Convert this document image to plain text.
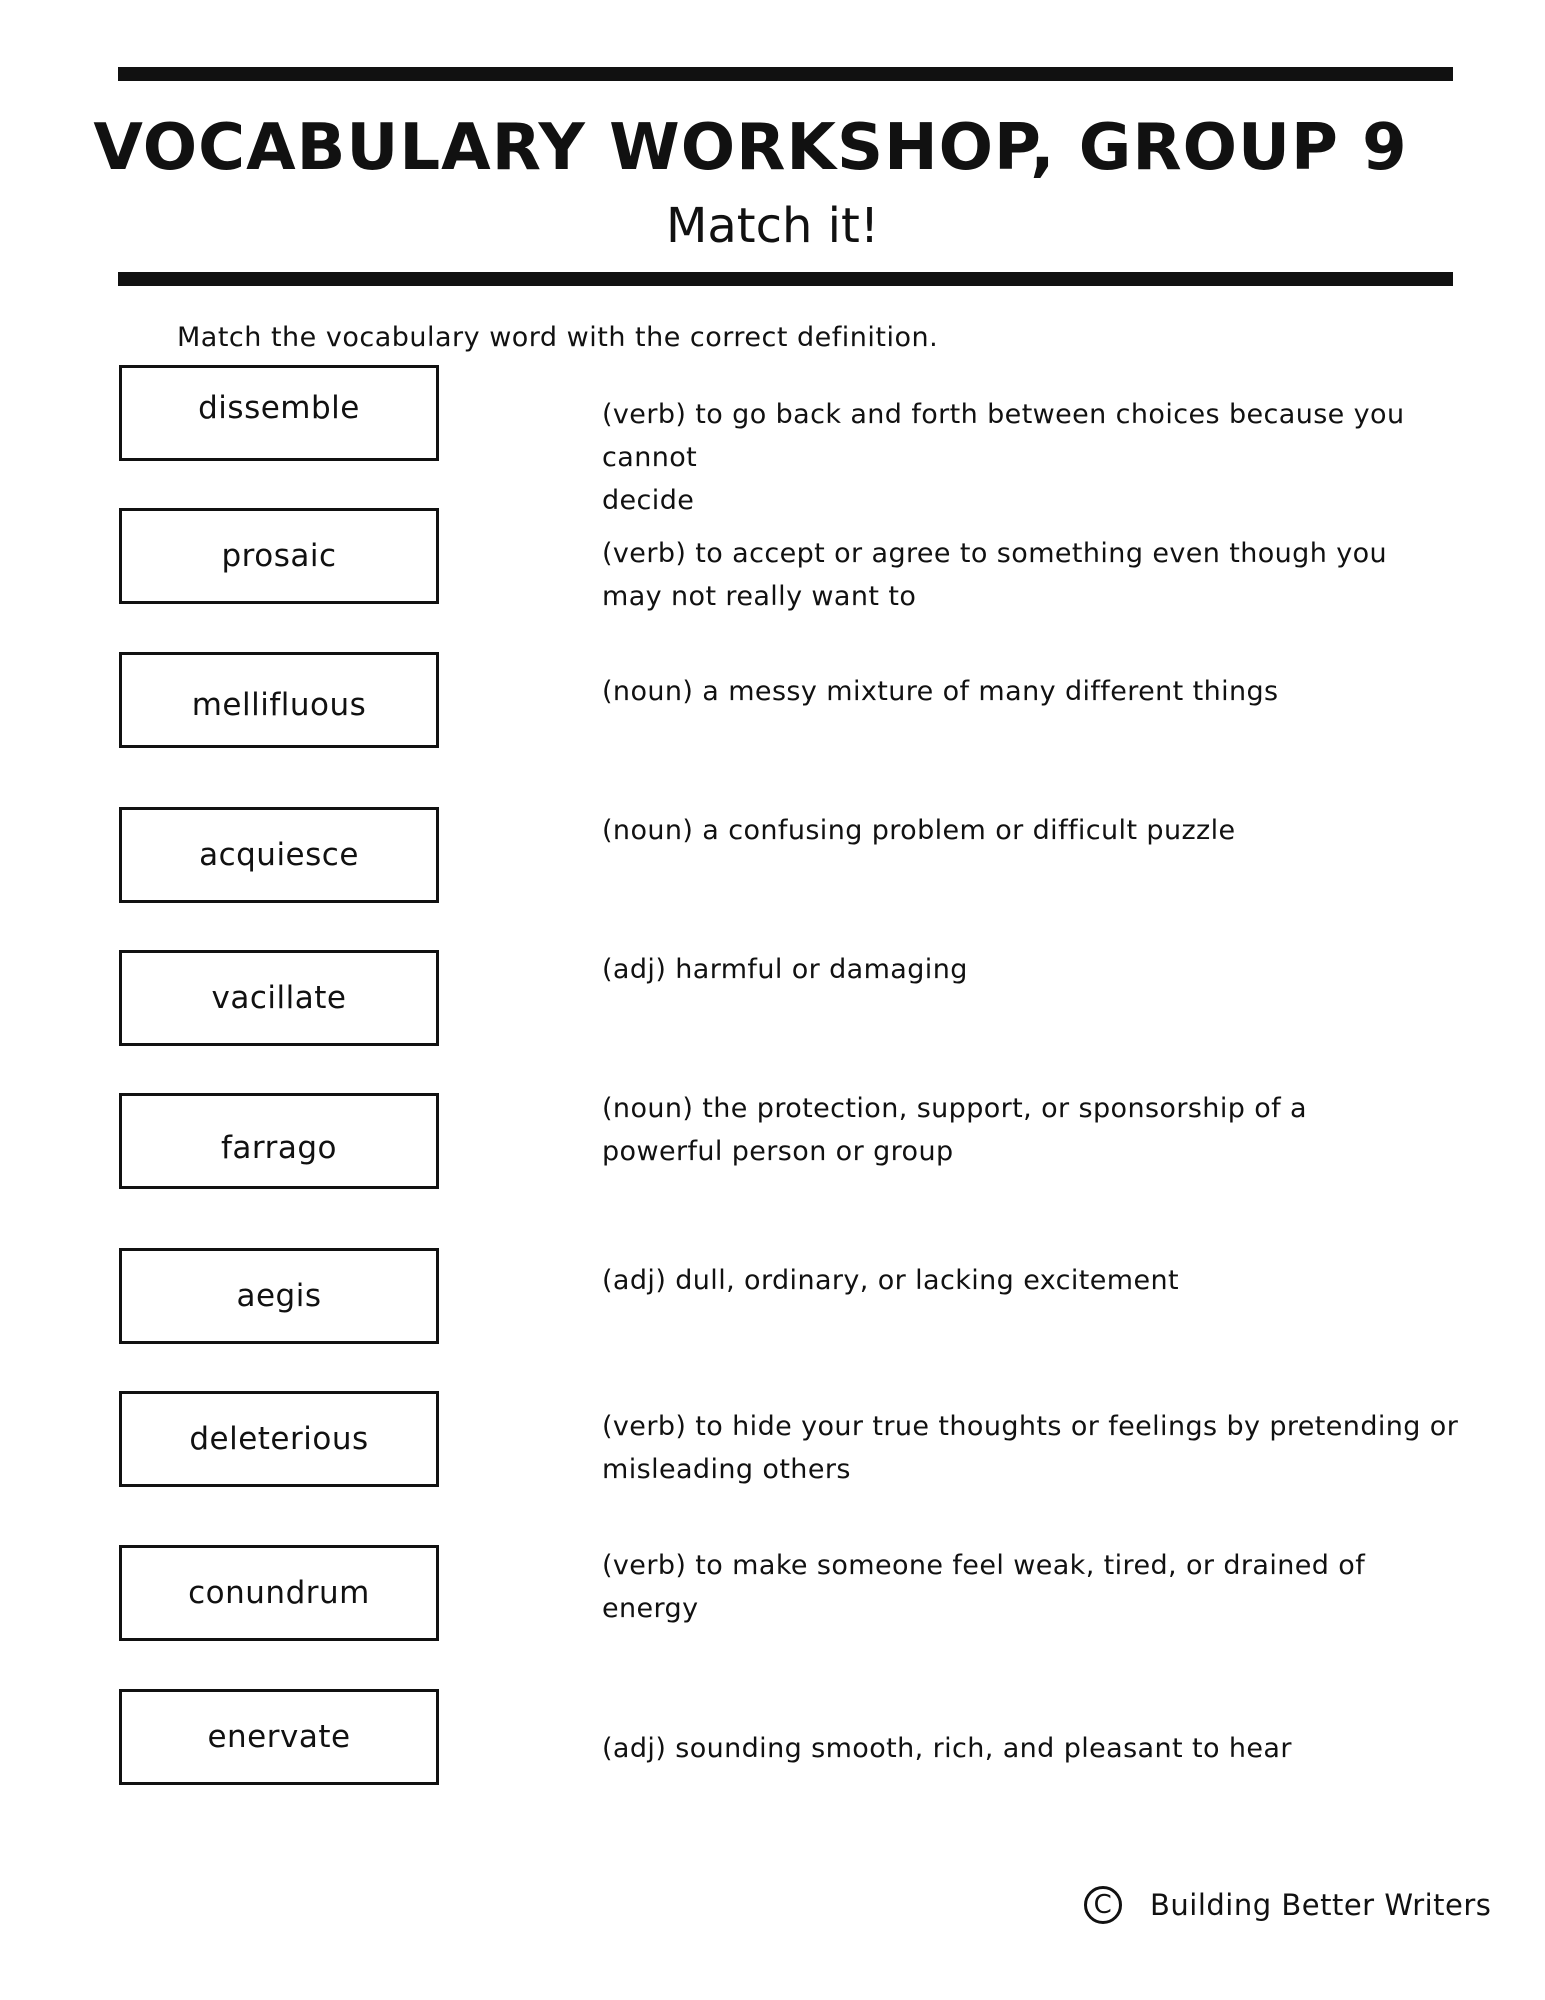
VOCABULARY WORKSHOP, GROUP 9
Match it!
Match the vocabulary word with the correct definition.
dissemble
prosaic
mellifluous
acquiesce
vacillate
farrago
aegis
deleterious
conundrum
enervate

(verb) to go back and forth between choices because you cannot
decide

(verb) to accept or agree to something even though you
may not really want to

(noun) a messy mixture of many different things

(noun) a confusing problem or difficult puzzle

(adj) harmful or damaging

(noun) the protection, support, or sponsorship of a
powerful person or group

(adj) dull, ordinary, or lacking excitement

(verb) to hide your true thoughts or feelings by pretending or
misleading others

(verb) to make someone feel weak, tired, or drained of
energy

(adj) sounding smooth, rich, and pleasant to hear

C	Building Better Writers
